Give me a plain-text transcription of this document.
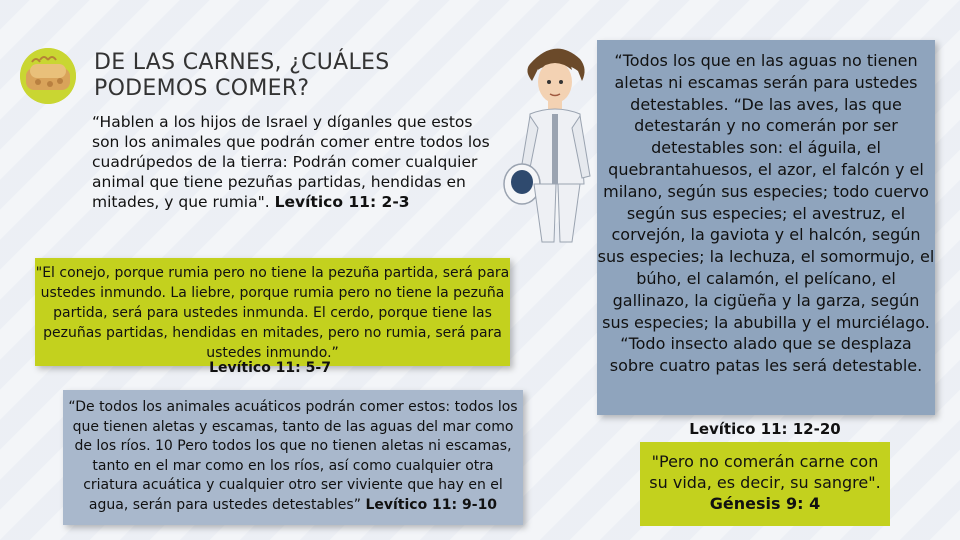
DE LAS CARNES, ¿CUÁLES PODEMOS COMER?
“Hablen a los hijos de Israel y díganles que estos son los animales que podrán comer entre todos los cuadrúpedos de la tierra: Podrán comer cualquier animal que tiene pezuñas partidas, hendidas en mitades, y que rumia". Levítico 11: 2-3
"El conejo, porque rumia pero no tiene la pezuña partida, será para ustedes inmundo. La liebre, porque rumia pero no tiene la pezuña partida, será para ustedes inmunda. El cerdo, porque tiene las pezuñas partidas, hendidas en mitades, pero no rumia, será para ustedes inmundo.”
Levítico 11: 5-7
“De todos los animales acuáticos podrán comer estos: todos los que tienen aletas y escamas, tanto de las aguas del mar como de los ríos. 10 Pero todos los que no tienen aletas ni escamas, tanto en el mar como en los ríos, así como cualquier otra criatura acuática y cualquier otro ser viviente que hay en el agua, serán para ustedes detestables” Levítico 11: 9-10
“Todos los que en las aguas no tienen aletas ni escamas serán para ustedes detestables. “De las aves, las que detestarán y no comerán por ser detestables son: el águila, el quebrantahuesos, el azor, el falcón y el milano, según sus especies; todo cuervo según sus especies; el avestruz, el corvejón, la gaviota y el halcón, según sus especies; la lechuza, el somormujo, el búho, el calamón, el pelícano, el gallinazo, la cigüeña y la garza, según sus especies; la abubilla y el murciélago. “Todo insecto alado que se desplaza sobre cuatro patas les será detestable.
Levítico 11: 12-20
"Pero no comerán carne con su vida, es decir, su sangre". Génesis 9: 4
